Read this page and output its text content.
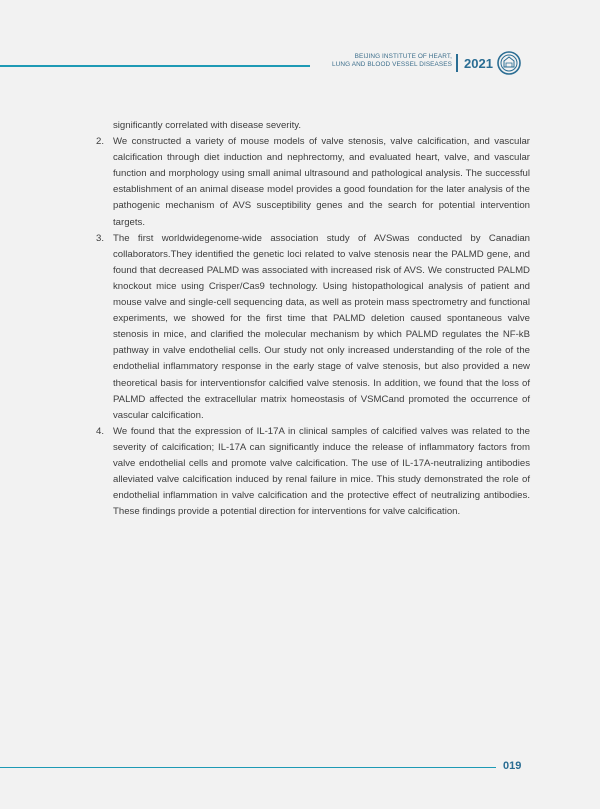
BEIJING INSTITUTE OF HEART,
LUNG AND BLOOD VESSEL DISEASES 2021

significantly correlated with disease severity.

2. We constructed a variety of mouse models of valve stenosis, valve calcification, and vascular calcification through diet induction and nephrectomy, and evaluated heart, valve, and vascular function and morphology using small animal ultrasound and pathological analysis. The successful establishment of an animal disease model provides a good foundation for the later analysis of the pathogenic mechanism of AVS susceptibility genes and the search for potential intervention targets.
3. The first worldwidegenome-wide association study of AVSwas conducted by Canadian collaborators.They identified the genetic loci related to valve stenosis near the PALMD gene, and found that decreased PALMD was associated with increased risk of AVS. We constructed PALMD knockout mice using Crisper/Cas9 technology. Using histopathological analysis of patient and mouse valve and single-cell sequencing data, as well as protein mass spectrometry and functional experiments, we showed for the first time that PALMD deletion caused spontaneous valve stenosis in mice, and clarified the molecular mechanism by which PALMD regulates the NF-kB pathway in valve endothelial cells. Our study not only increased understanding of the role of the endothelial inflammatory response in the early stage of valve stenosis, but also provided a new theoretical basis for interventionsfor calcified valve stenosis. In addition, we found that the loss of PALMD affected the extracellular matrix homeostasis of VSMCand promoted the occurrence of vascular calcification.
4. We found that the expression of IL-17A in clinical samples of calcified valves was related to the severity of calcification; IL-17A can significantly induce the release of inflammatory factors from valve endothelial cells and promote valve calcification. The use of IL-17A-neutralizing antibodies alleviated valve calcification induced by renal failure in mice. This study demonstrated the role of endothelial inflammation in valve calcification and the protective effect of neutralizing antibodies. These findings provide a potential direction for interventions for valve calcification.
019
